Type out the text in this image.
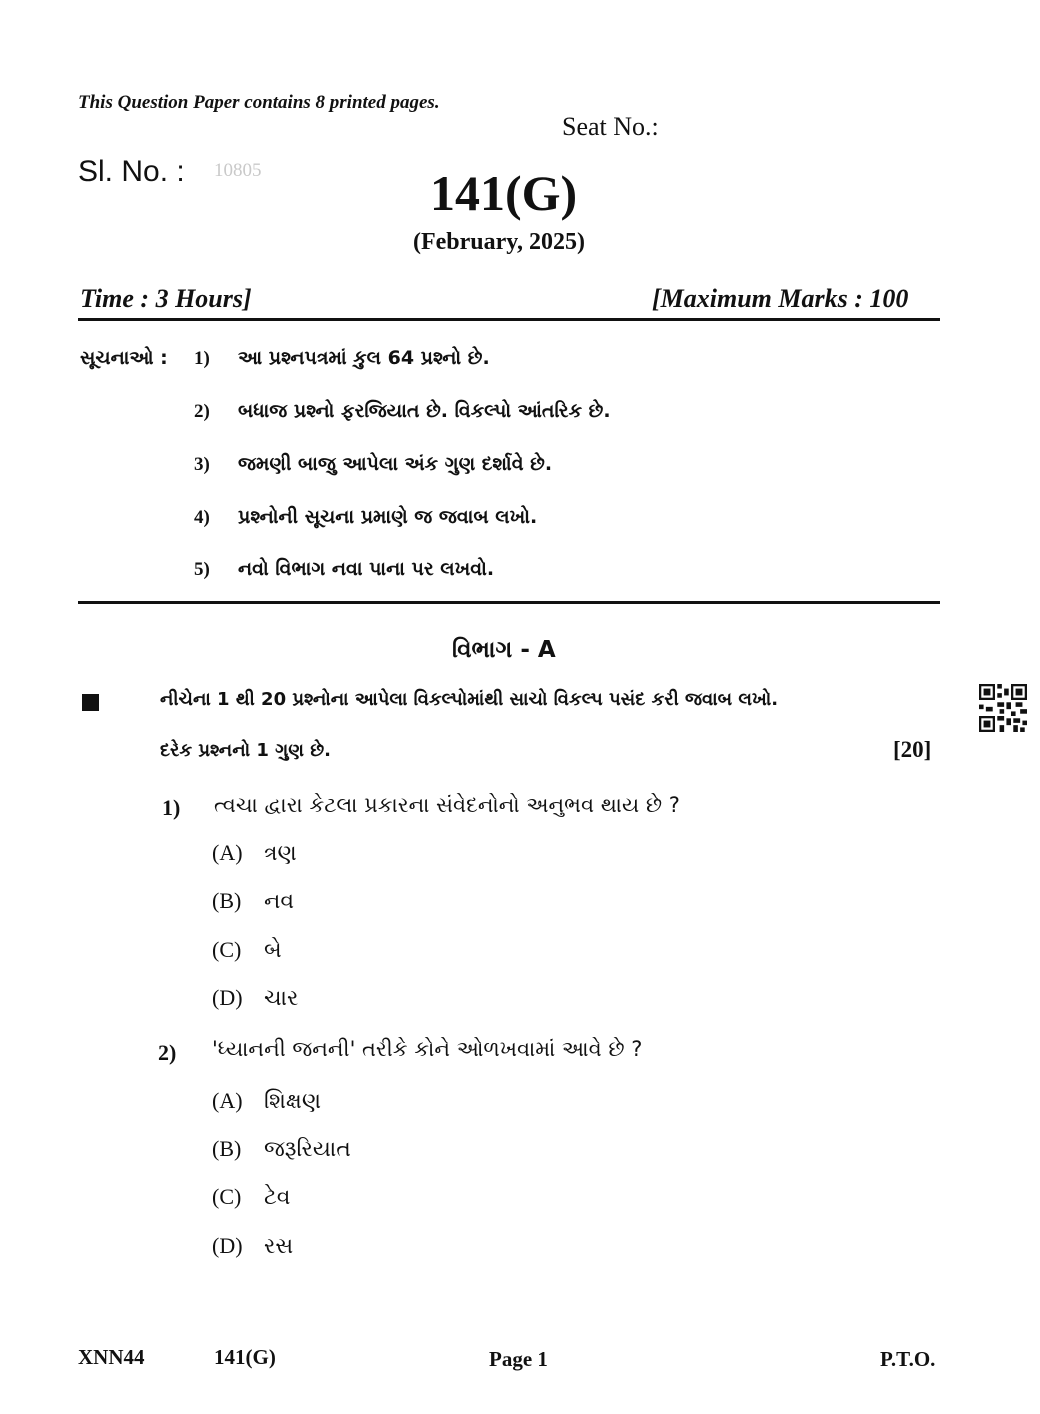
This Question Paper contains 8 printed pages.
Seat No.:
Sl. No. : 10805	141(G)
(February, 2025)
Time : 3 Hours]	[Maximum Marks : 100
સૂચનાઓ : 1) આ પ્રશ્નપત્રમાં કુલ 64 પ્રશ્નો છે.
2) બધાજ પ્રશ્નો ફરજિયાત છે. વિકલ્પો આંતરિક છે.
3) જમણી બાજુ આપેલા અંક ગુણ દર્શાવે છે.
4) પ્રશ્નોની સૂચના પ્રમાણે જ જવાબ લખો.
5) નવો વિભાગ નવા પાના પર લખવો.
વિભાગ - A
નીચેના 1 થી 20 પ્રશ્નોના આપેલા વિકલ્પોમાંથી સાચો વિકલ્પ પસંદ કરી જવાબ લખો.
દરેક પ્રશ્નનો 1 ગુણ છે.	[20]
1) ત્વચા દ્વારા કેટલા પ્રકારના સંવેદનોનો અનુભવ થાય છે ?
(A) ત્રણ
(B) નવ
(C) બે
(D) ચાર
2) 'ધ્યાનની જનની' તરીકે કોને ઓળખવામાં આવે છે ?
(A) શિક્ષણ
(B) જરૂરિયાત
(C) ટેવ
(D) રસ
XNN44	141(G)	Page 1	P.T.O.
